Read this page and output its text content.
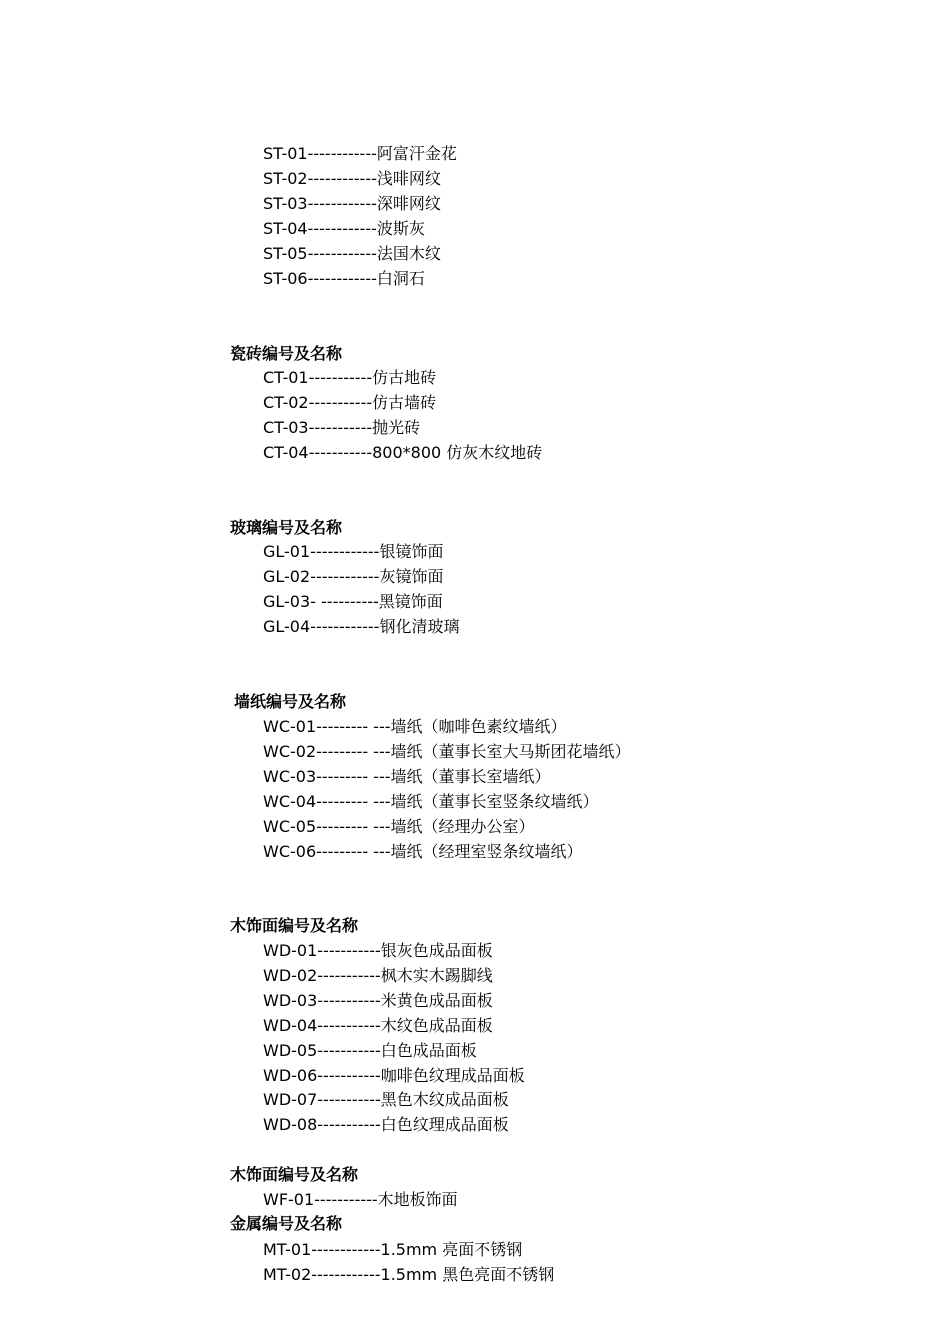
ST-01------------阿富汗金花
ST-02------------浅啡网纹
ST-03------------深啡网纹
ST-04------------波斯灰
ST-05------------法国木纹
ST-06------------白洞石
瓷砖编号及名称
CT-01-----------仿古地砖
CT-02-----------仿古墙砖
CT-03-----------抛光砖
CT-04-----------800*800 仿灰木纹地砖
玻璃编号及名称
GL-01------------银镜饰面
GL-02------------灰镜饰面
GL-03- ----------黑镜饰面
GL-04------------钢化清玻璃
墙纸编号及名称
WC-01--------- ---墙纸（咖啡色素纹墙纸）
WC-02--------- ---墙纸（董事长室大马斯团花墙纸）
WC-03--------- ---墙纸（董事长室墙纸）
WC-04--------- ---墙纸（董事长室竖条纹墙纸）
WC-05--------- ---墙纸（经理办公室）
WC-06--------- ---墙纸（经理室竖条纹墙纸）
木饰面编号及名称
WD-01-----------银灰色成品面板
WD-02-----------枫木实木踢脚线
WD-03-----------米黄色成品面板
WD-04-----------木纹色成品面板
WD-05-----------白色成品面板
WD-06-----------咖啡色纹理成品面板
WD-07-----------黑色木纹成品面板
WD-08-----------白色纹理成品面板
木饰面编号及名称
WF-01-----------木地板饰面
金属编号及名称
MT-01------------1.5mm 亮面不锈钢
MT-02------------1.5mm 黑色亮面不锈钢
